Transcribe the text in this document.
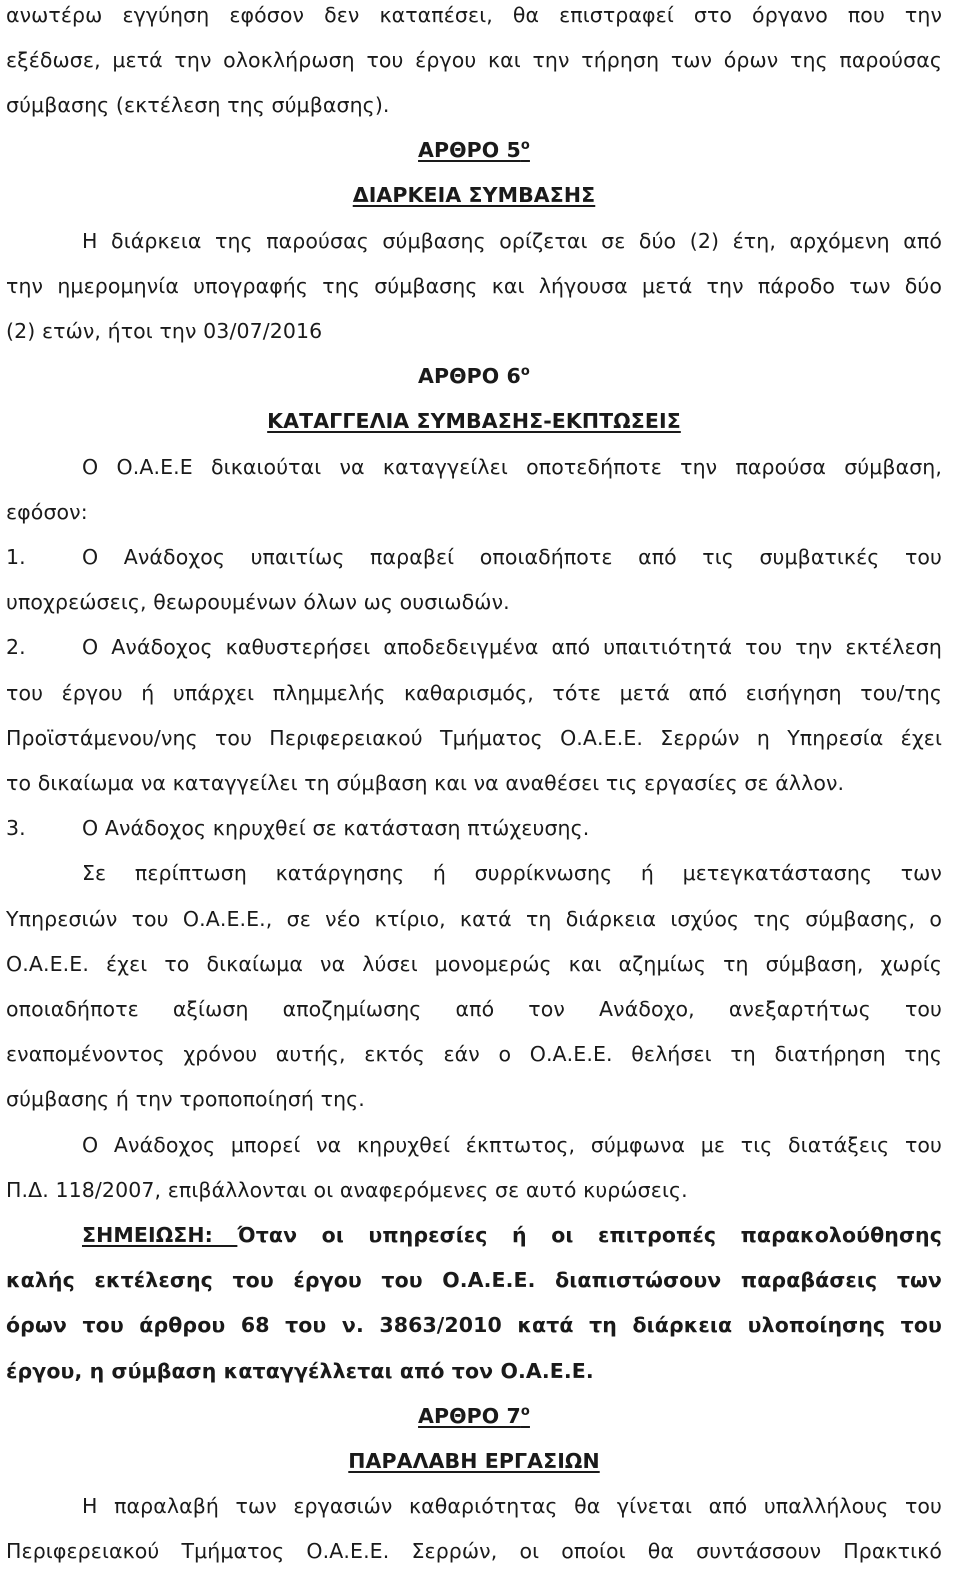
ανωτέρω εγγύηση εφόσον δεν καταπέσει, θα επιστραφεί στο όργανο που την
εξέδωσε, μετά την ολοκλήρωση του έργου και την τήρηση των όρων της παρούσας
σύμβασης (εκτέλεση της σύμβασης).
ΑΡΘΡΟ $5^o$
ΔΙΑΡΚΕΙΑ ΣΥΜΒΑΣΗΣ
Η διάρκεια της παρούσας σύμβασης ορίζεται σε δύο (2) έτη, αρχόμενη από
την ημερομηνία υπογραφής της σύμβασης και λήγουσα μετά την πάροδο των δύο
(2) ετών, ήτοι την 03/07/2016
ΑΡΘΡΟ $6^o$
ΚΑΤΑΓΓΕΛΙΑ ΣΥΜΒΑΣΗΣ-ΕΚΠΤΩΣΕΙΣ
Ο Ο.Α.Ε.Ε δικαιούται να καταγγείλει οποτεδήποτε την παρούσα σύμβαση,
εφόσον:
1.	Ο Ανάδοχος υπαιτίως παραβεί οποιαδήποτε από τις συμβατικές του
υποχρεώσεις, θεωρουμένων όλων ως ουσιωδών.
2.	Ο Ανάδοχος καθυστερήσει αποδεδειγμένα από υπαιτιότητά του την εκτέλεση
του έργου ή υπάρχει πλημμελής καθαρισμός, τότε μετά από εισήγηση του/της
Προϊστάμενου/νης του Περιφερειακού Τμήματος Ο.Α.Ε.Ε. Σερρών η Υπηρεσία έχει
το δικαίωμα να καταγγείλει τη σύμβαση και να αναθέσει τις εργασίες σε άλλον.
3.	Ο Ανάδοχος κηρυχθεί σε κατάσταση πτώχευσης.
Σε περίπτωση κατάργησης ή συρρίκνωσης ή μετεγκατάστασης των
Υπηρεσιών του Ο.Α.Ε.Ε., σε νέο κτίριο, κατά τη διάρκεια ισχύος της σύμβασης, ο
Ο.Α.Ε.Ε. έχει το δικαίωμα να λύσει μονομερώς και αζημίως τη σύμβαση, χωρίς
οποιαδήποτε αξίωση αποζημίωσης από τον Ανάδοχο, ανεξαρτήτως του
εναπομένοντος χρόνου αυτής, εκτός εάν ο Ο.Α.Ε.Ε. θελήσει τη διατήρηση της
σύμβασης ή την τροποποίησή της.
Ο Ανάδοχος μπορεί να κηρυχθεί έκπτωτος, σύμφωνα με τις διατάξεις του
Π.Δ. 118/2007, επιβάλλονται οι αναφερόμενες σε αυτό κυρώσεις.
ΣΗΜΕΙΩΣΗ: Όταν οι υπηρεσίες ή οι επιτροπές παρακολούθησης
καλής εκτέλεσης του έργου του Ο.Α.Ε.Ε. διαπιστώσουν παραβάσεις των
όρων του άρθρου 68 του ν. 3863/2010 κατά τη διάρκεια υλοποίησης του
έργου, η σύμβαση καταγγέλλεται από τον Ο.Α.Ε.Ε.
ΑΡΘΡΟ $7^o$
ΠΑΡΑΛΑΒΗ ΕΡΓΑΣΙΩΝ
Η παραλαβή των εργασιών καθαριότητας θα γίνεται από υπαλλήλους του
Περιφερειακού Τμήματος Ο.Α.Ε.Ε. Σερρών, οι οποίοι θα συντάσσουν Πρακτικό
